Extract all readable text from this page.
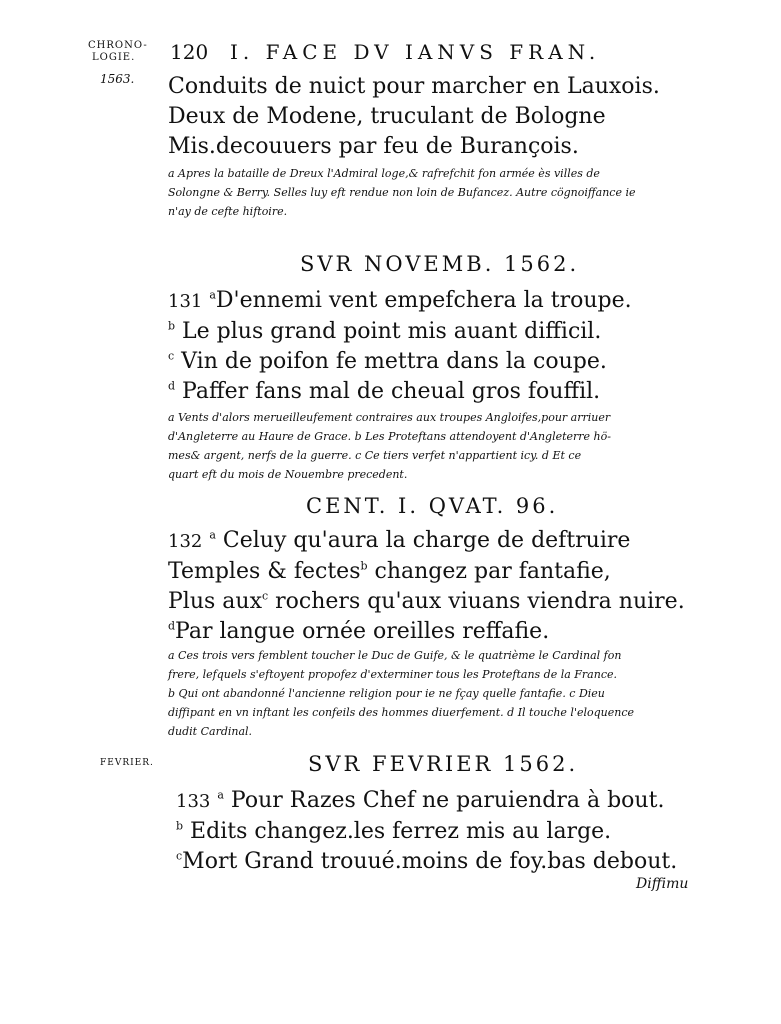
CHRONO-
LOGIE.
1563.
120 I. FACE DV IANVS FRAN.
Conduits de nuict pour marcher en Lauxois.
Deux de Modene, truculant de Bologne
Mis.decouuers par feu de Burançois.
a Apres la bataille de Dreux l'Admiral loge,& rafrefchit fon armée ès villes de
Solongne & Berry. Selles luy eft rendue non loin de Bufancez. Autre cögnoiffance ie
n'ay de cefte hiftoire.
SVR NOVEMB. 1562.
131 $^a$D'ennemi vent empefchera la troupe.
$^b$ Le plus grand point mis auant difficil.
$^c$ Vin de poifon fe mettra dans la coupe.
$^d$ Paffer fans mal de cheual gros fouffil.
a Vents d'alors merueilleufement contraires aux troupes Angloifes,pour arriuer
d'Angleterre au Haure de Grace. b Les Proteftans attendoyent d'Angleterre hö-
mes& argent, nerfs de la guerre. c Ce tiers verfet n'appartient icy. d Et ce
quart eft du mois de Nouembre precedent.
CENT. I. QVAT. 96.
132 $^a$ Celuy qu'aura la charge de deftruire
Temples & fectes$^b$ changez par fantafie,
Plus aux$^c$ rochers qu'aux viuans viendra nuire.
$^d$Par langue ornée oreilles reffafie.
a Ces trois vers femblent toucher le Duc de Guife, & le quatrième le Cardinal fon
frere, lefquels s'eftoyent propofez d'exterminer tous les Proteftans de la France.
b Qui ont abandonné l'ancienne religion pour ie ne fçay quelle fantafie. c Dieu
diffipant en vn inftant les confeils des hommes diuerfement. d Il touche l'eloquence
dudit Cardinal.
FEVRIER.	SVR FEVRIER 1562.
133 $^a$ Pour Razes Chef ne paruiendra à bout.
$^b$ Edits changez.les ferrez mis au large.
$^c$Mort Grand trouué.moins de foy.bas debout.
Diffimu
